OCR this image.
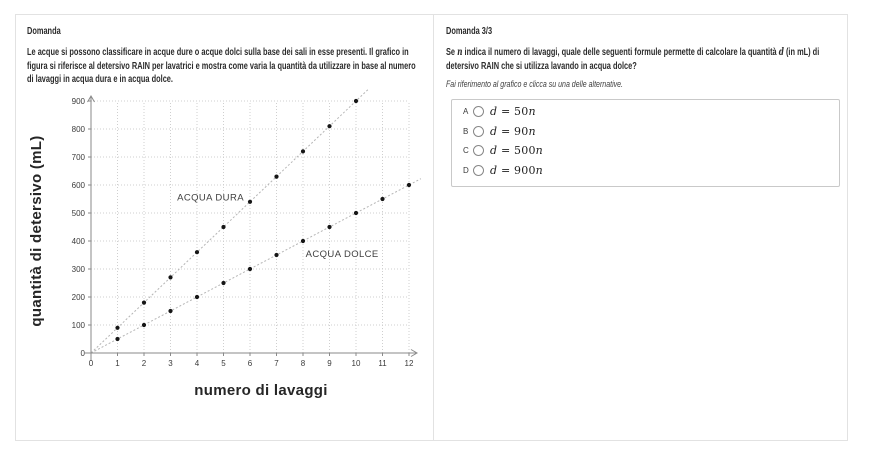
Domanda

Le acque si possono classificare in acque dure o acque dolci sulla base dei sali in esse presenti. Il grafico in figura si riferisce al detersivo RAIN per lavatrici e mostra come varia la quantità da utilizzare in base al numero di lavaggi in acqua dura e in acqua dolce.

0	1	2	3	4	5	6	7	8	9 10 11 12
0
100
200
300
400
500
600
700
800
900
ACQUA DURA
ACQUA DOLCE
numero di lavaggi
quantità di detersivo (mL)
Domanda 3/3

Se n indica il numero di lavaggi, quale delle seguenti formule permette di calcolare la quantità d (in mL) di detersivo RAIN che si utilizza lavando in acqua dolce?

Fai riferimento al grafico e clicca su una delle alternative.

A	d = 50n
B	d = 90n
C	d = 500n
D	d = 900n
